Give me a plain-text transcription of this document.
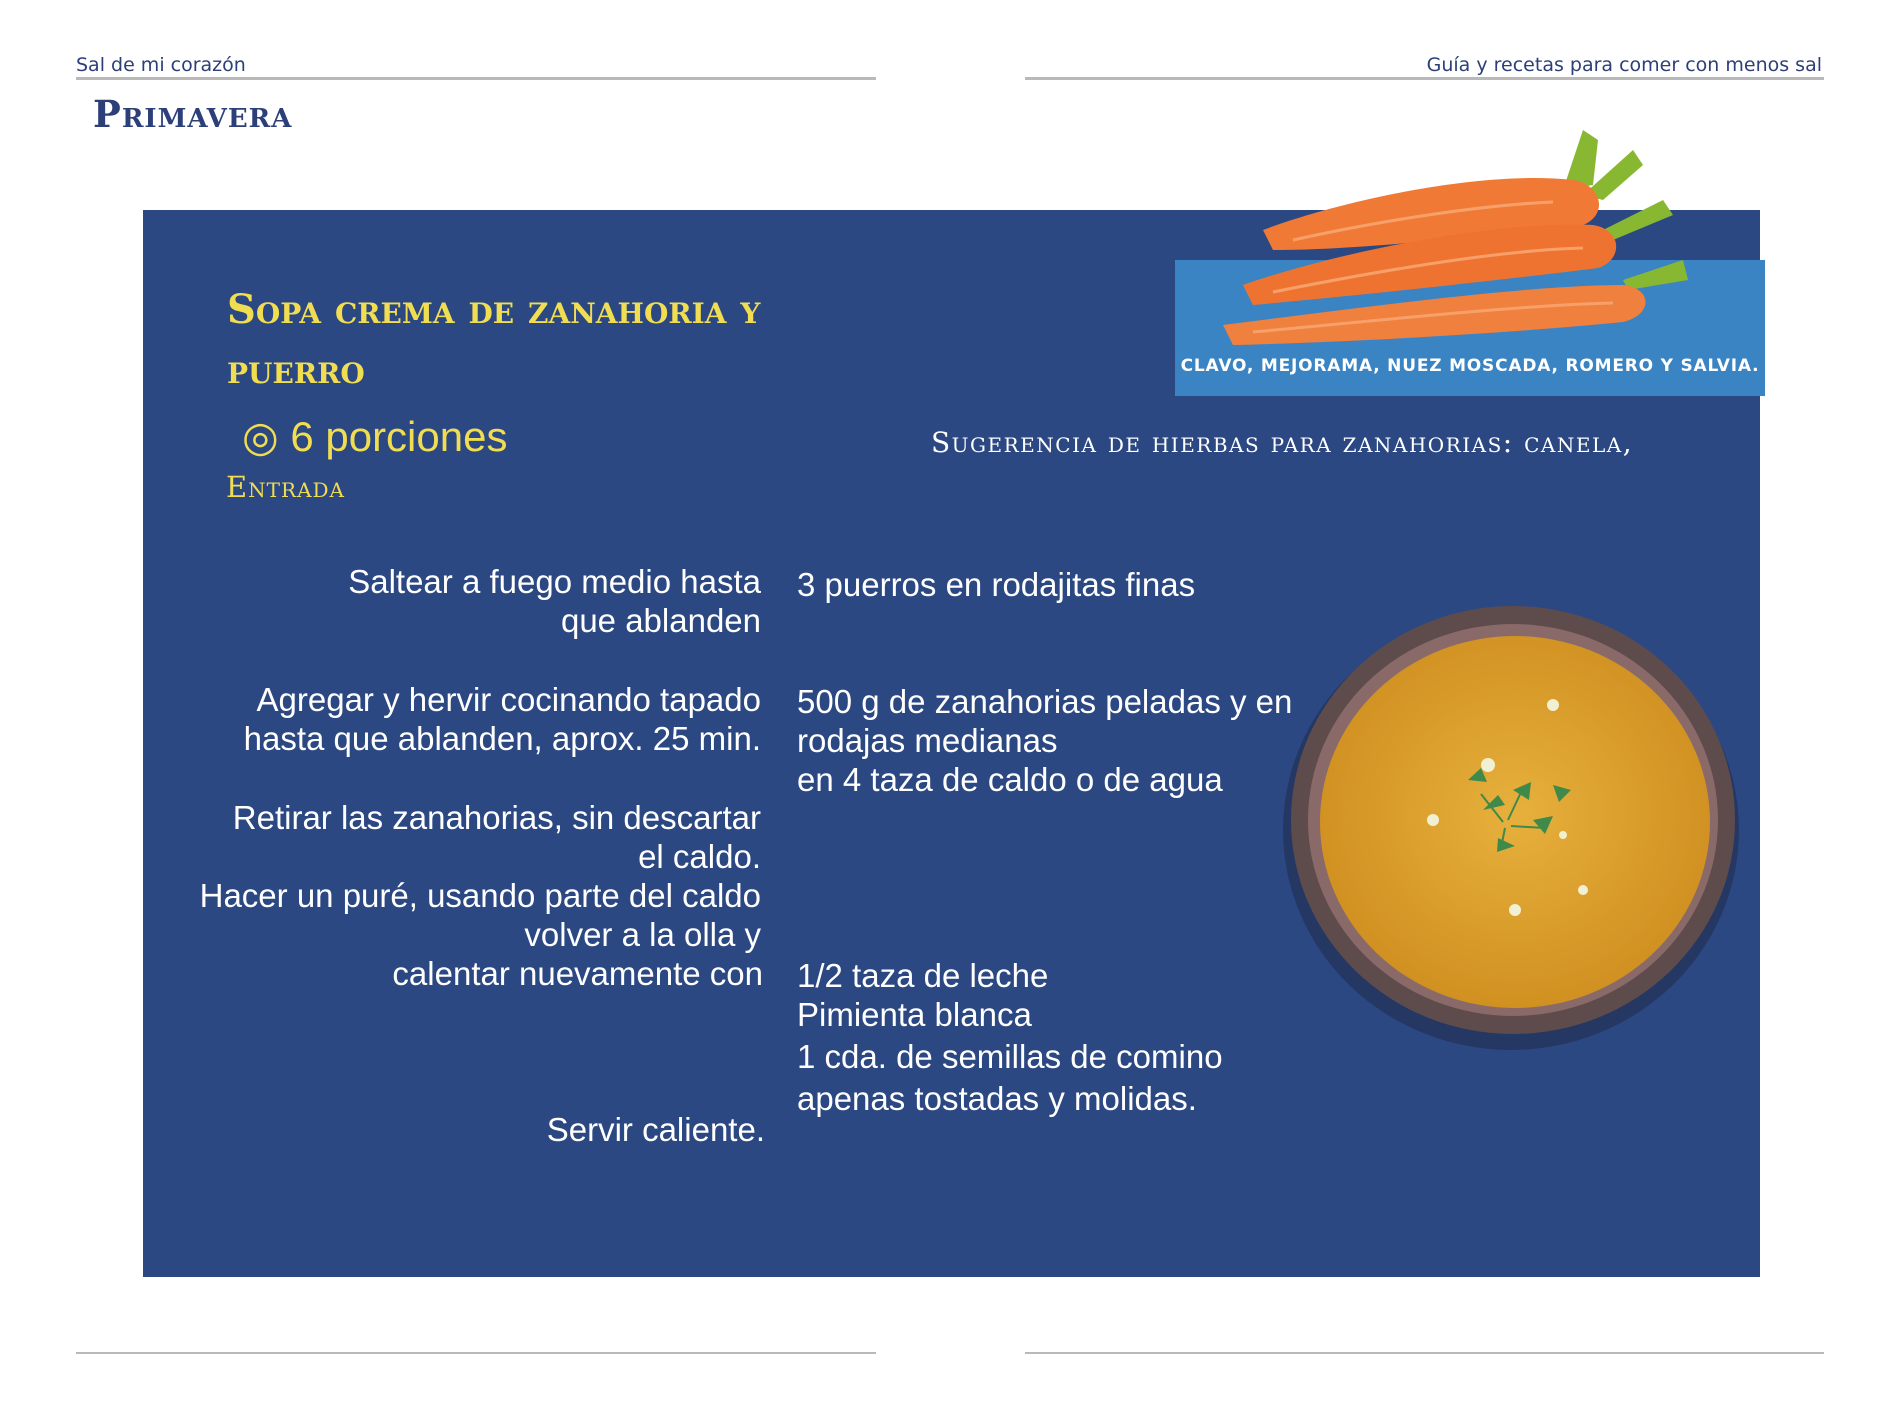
Sal de mi corazón	Guía y recetas para comer con menos sal
Primavera
Sopa crema de zanahoria y puerro
◎ 6 porciones
Entrada

Sugerencia de hierbas para zanahorias: canela,

CLAVO, MEJORAMA, NUEZ MOSCADA, ROMERO Y SALVIA.

Saltear a fuego medio hasta que ablanden

Agregar y hervir cocinando tapado hasta que ablanden, aprox. 25 min.

Retirar las zanahorias, sin descartar el caldo.

Hacer un puré, usando parte del caldo volver a la olla y

calentar nuevamente con

Servir caliente.

3 puerros en rodajitas finas

500 g de zanahorias peladas y en rodajas medianas

en 4 taza de caldo o de agua

1/2 taza de leche

Pimienta blanca

1 cda. de semillas de comino apenas tostadas y molidas.
